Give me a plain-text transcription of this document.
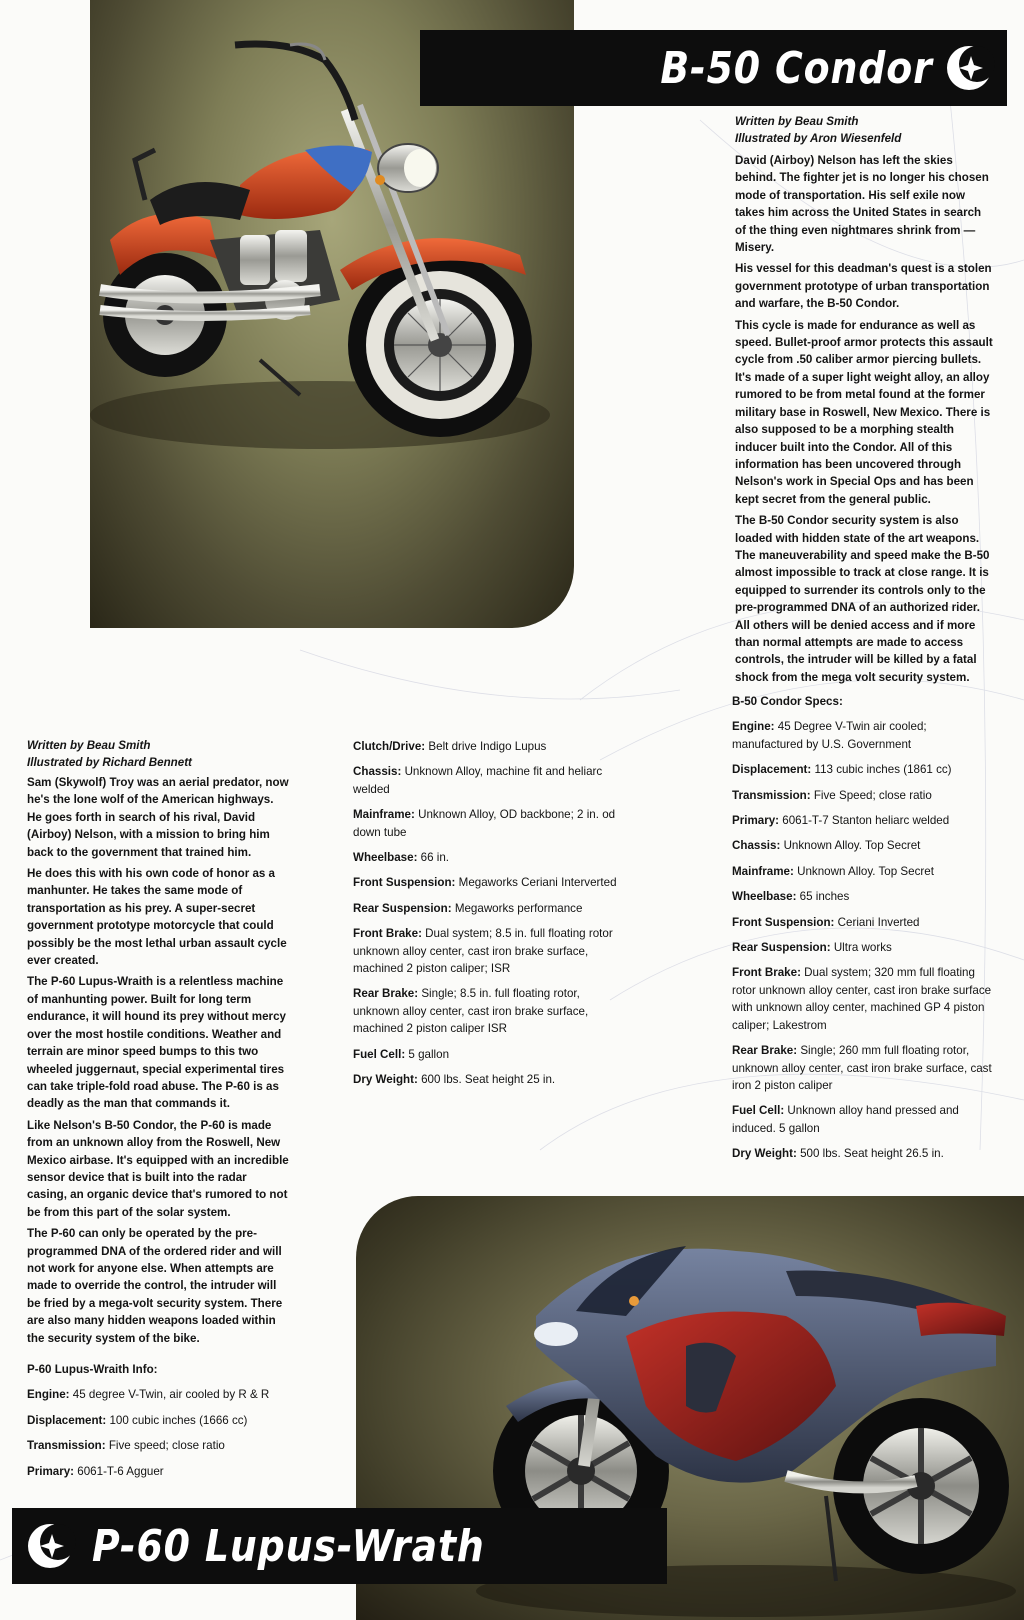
B-50 Condor
Written by Beau Smith
Illustrated by Aron Wiesenfeld

David (Airboy) Nelson has left the skies behind. The fighter jet is no longer his chosen mode of transportation. His self exile now takes him across the United States in search of the thing even nightmares shrink from — Misery.

His vessel for this deadman's quest is a stolen government prototype of urban transportation and warfare, the B-50 Condor.

This cycle is made for endurance as well as speed. Bullet-proof armor protects this assault cycle from .50 caliber armor piercing bullets. It's made of a super light weight alloy, an alloy rumored to be from metal found at the former military base in Roswell, New Mexico. There is also supposed to be a morphing stealth inducer built into the Condor. All of this information has been uncovered through Nelson's work in Special Ops and has been kept secret from the general public.

The B-50 Condor security system is also loaded with hidden state of the art weapons. The maneuverability and speed make the B-50 almost impossible to track at close range. It is equipped to surrender its controls only to the pre-programmed DNA of an authorized rider. All others will be denied access and if more than normal attempts are made to access controls, the intruder will be killed by a fatal shock from the mega volt security system.

B-50 Condor Specs:
Engine: 45 Degree V-Twin air cooled; manufactured by U.S. Government
Displacement: 113 cubic inches (1861 cc)
Transmission: Five Speed; close ratio
Primary: 6061-T-7 Stanton heliarc welded
Chassis: Unknown Alloy. Top Secret
Mainframe: Unknown Alloy. Top Secret
Wheelbase: 65 inches
Front Suspension: Ceriani Inverted
Rear Suspension: Ultra works
Front Brake: Dual system; 320 mm full floating rotor unknown alloy center, cast iron brake surface with unknown alloy center, machined GP 4 piston caliper; Lakestrom
Rear Brake: Single; 260 mm full floating rotor, unknown alloy center, cast iron brake surface, cast iron 2 piston caliper
Fuel Cell: Unknown alloy hand pressed and induced. 5 gallon
Dry Weight: 500 lbs. Seat height 26.5 in.
Written by Beau Smith
Illustrated by Richard Bennett

Sam (Skywolf) Troy was an aerial predator, now he's the lone wolf of the American highways. He goes forth in search of his rival, David (Airboy) Nelson, with a mission to bring him back to the government that trained him.

He does this with his own code of honor as a manhunter. He takes the same mode of transportation as his prey. A super-secret government prototype motorcycle that could possibly be the most lethal urban assault cycle ever created.

The P-60 Lupus-Wraith is a relentless machine of manhunting power. Built for long term endurance, it will hound its prey without mercy over the most hostile conditions. Weather and terrain are minor speed bumps to this two wheeled juggernaut, special experimental tires can take triple-fold road abuse. The P-60 is as deadly as the man that commands it.

Like Nelson's B-50 Condor, the P-60 is made from an unknown alloy from the Roswell, New Mexico airbase. It's equipped with an incredible sensor device that is built into the radar casing, an organic device that's rumored to not be from this part of the solar system.

The P-60 can only be operated by the pre-programmed DNA of the ordered rider and will not work for anyone else. When attempts are made to override the control, the intruder will be fried by a mega-volt security system. There are also many hidden weapons loaded within the security system of the bike.

P-60 Lupus-Wraith Info:
Engine: 45 degree V-Twin, air cooled by R & R
Displacement: 100 cubic inches (1666 cc)
Transmission: Five speed; close ratio
Primary: 6061-T-6 Agguer
Clutch/Drive: Belt drive Indigo Lupus
Chassis: Unknown Alloy, machine fit and heliarc welded
Mainframe: Unknown Alloy, OD backbone; 2 in. od down tube
Wheelbase: 66 in.
Front Suspension: Megaworks Ceriani Interverted
Rear Suspension: Megaworks performance
Front Brake: Dual system; 8.5 in. full floating rotor unknown alloy center, cast iron brake surface, machined 2 piston caliper; ISR
Rear Brake: Single; 8.5 in. full floating rotor, unknown alloy center, cast iron brake surface, machined 2 piston caliper ISR
Fuel Cell: 5 gallon
Dry Weight: 600 lbs. Seat height 25 in.
P-60 Lupus-Wrath
